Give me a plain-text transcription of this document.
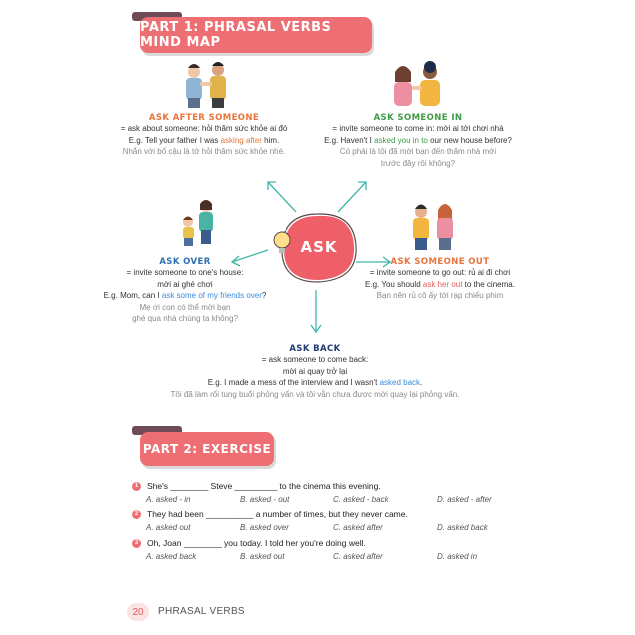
PART 1: PHRASAL VERBS MIND MAP
ASK AFTER SOMEONE
= ask about someone: hỏi thăm sức khỏe ai đó
E.g. Tell your father I was asking after him.
Nhắn với bố cậu là tớ hỏi thăm sức khỏe nhé.
ASK SOMEONE IN
= invite someone to come in: mời ai tới chơi nhà
E.g. Haven't I asked you in to our new house before?
Có phải là tôi đã mời bạn đến thăm nhà mới
trước đây rồi không?
ASK
ASK OVER
= invite someone to one's house:
mời ai ghé chơi
E.g. Mom, can I ask some of my friends over?
Mẹ ơi con có thể mời bạn
ghé qua nhà chúng ta không?
ASK SOMEONE OUT
= invite someone to go out: rủ ai đi chơi
E.g. You should ask her out to the cinema.
Bạn nên rủ cô ấy tới rạp chiếu phim
ASK BACK
= ask someone to come back:
mời ai quay trở lại
E.g. I made a mess of the interview and I wasn't asked back.
Tôi đã làm rối tung buổi phỏng vấn và tôi vẫn chưa được mời quay lại phỏng vấn.
PART 2: EXERCISE
1	She's ________ Steve _________ to the cinema this evening.
A. asked - in	B. asked - out	C. asked - back	D. asked - after
2	They had been __________ a number of times, but they never came.
A. asked out	B. asked over	C. asked after	D. asked back
3	Oh, Joan ________ you today. I told her you're doing well.
A. asked back	B. asked out	C. asked after	D. asked in
20	PHRASAL VERBS
